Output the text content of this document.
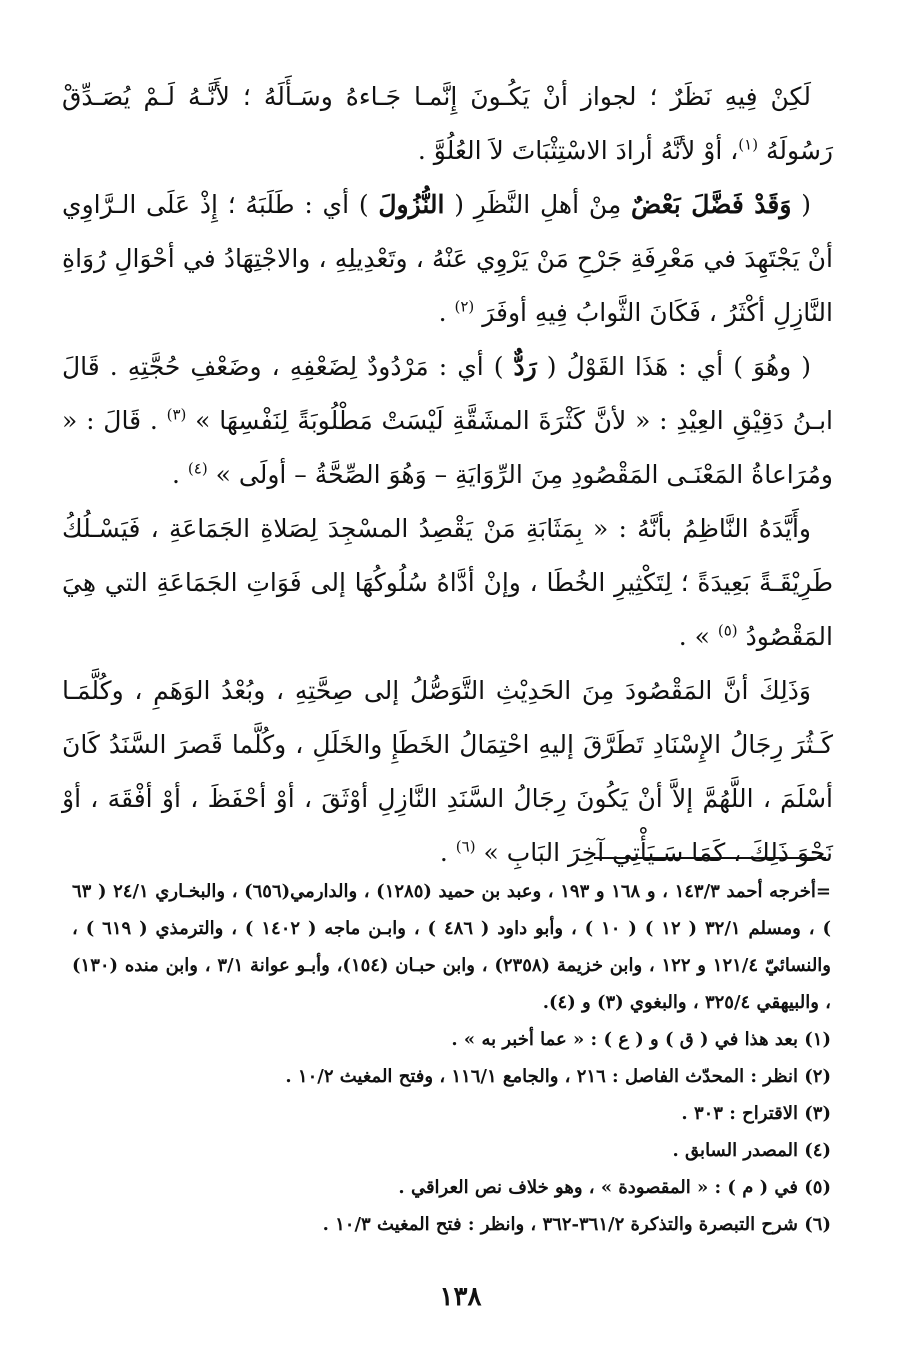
لَكِنْ فِيهِ نَظَرٌ ؛ لجواز أنْ يَكُـونَ إِنَّمـا جَـاءهُ وسَـأَلَهُ ؛ لأَنَّـهُ لَـمْ يُصَـدِّقْ رَسُولَهُ $^{(١)}$، أوْ لأنَّهُ أرادَ الاسْتِثْبَاتَ لاَ العُلُوَّ .

( وَقَدْ فَضَّلَ بَعْضٌ مِنْ أهلِ النَّظَرِ ( النُّزُولَ ) أي : طَلَبَهُ ؛ إِذْ عَلَى الـرَّاوِي أنْ يَجْتَهِدَ في مَعْرِفَةِ جَرْحِ مَنْ يَرْوِي عَنْهُ ، وتَعْدِيلِهِ ، والاجْتِهَادُ في أحْوَالِ رُوَاةِ النَّازِلِ أكْثَرُ ، فَكَانَ الثَّوابُ فِيهِ أوفَرَ $^{(٢)}$ .

( وهُوَ ) أي : هَذَا القَوْلُ ( رَدٌّ ) أي : مَرْدُودٌ لِضَعْفِهِ ، وضَعْفِ حُجَّتِهِ . قَالَ ابـنُ دَقِيْقِ العِيْدِ : « لأنَّ كَثْرَةَ المشَقَّةِ لَيْسَتْ مَطْلُوبَةً لِنَفْسِهَا » $^{(٣)}$ . قَالَ : « ومُرَاعاةُ المَعْنَـى المَقْصُودِ مِنَ الرِّوَايَةِ – وَهُوَ الصِّحَّةُ – أولَى » $^{(٤)}$ .

وأَيَّدَهُ النَّاظِمُ بأنَّهُ : « بِمَثَابَةِ مَنْ يَقْصِدُ المسْجِدَ لِصَلاةِ الجَمَاعَةِ ، فَيَسْـلُكُ طَرِيْقَـةً بَعِيدَةً ؛ لِتَكْثِيرِ الخُطَا ، وإنْ أدَّاهُ سُلُوكُهَا إلى فَوَاتِ الجَمَاعَةِ التي هِيَ المَقْصُودُ $^{(٥)}$ » .

وَذَلِكَ أنَّ المَقْصُودَ مِنَ الحَدِيْثِ التَّوَصُّلُ إلى صِحَّتِهِ ، وبُعْدُ الوَهَمِ ، وكُلَّمَـا كَـثُرَ رِجَالُ الإِسْنَادِ تَطَرَّقَ إليهِ احْتِمَالُ الخَطَإِ والخَلَلِ ، وكُلَّما قَصرَ السَّنَدُ كَانَ أسْلَمَ ، اللَّهُمَّ إلاَّ أنْ يَكُونَ رِجَالُ السَّنَدِ النَّازِلِ أوْثَقَ ، أوْ أحْفَظَ ، أوْ أفْقَهَ ، أوْ نَحْوَ ذَلِكَ ، كَمَا سَـيَأْتِي آخِرَ البَابِ » $^{(٦)}$ .

=أخرجه أحمد ١٤٣/٣ ، و ١٦٨ و ١٩٣ ، وعبد بن حميد (١٢٨٥) ، والدارمي(٦٥٦) ، والبخـاري ٢٤/١ ( ٦٣ ) ، ومسلم ٣٢/١ ( ١٢ ) ( ١٠ ) ، وأبو داود ( ٤٨٦ ) ، وابـن ماجه ( ١٤٠٢ ) ، والترمذي ( ٦١٩ ) ، والنسائيّ ١٢١/٤ و ١٢٢ ، وابن خزيمة (٢٣٥٨) ، وابن حبـان (١٥٤)، وأبـو عوانة ٣/١ ، وابن منده (١٣٠) ، والبيهقي ٣٢٥/٤ ، والبغوي (٣) و (٤).

(١) بعد هذا في ( ق ) و ( ع ) : « عما أخبر به » .

(٢) انظر : المحدّث الفاصل : ٢١٦ ، والجامع ١١٦/١ ، وفتح المغيث ١٠/٢ .

(٣) الاقتراح : ٣٠٣ .

(٤) المصدر السابق .

(٥) في ( م ) : « المقصودة » ، وهو خلاف نص العراقي .

(٦) شرح التبصرة والتذكرة ٣٦١/٢-٣٦٢ ، وانظر : فتح المغيث ١٠/٣ .

١٣٨
